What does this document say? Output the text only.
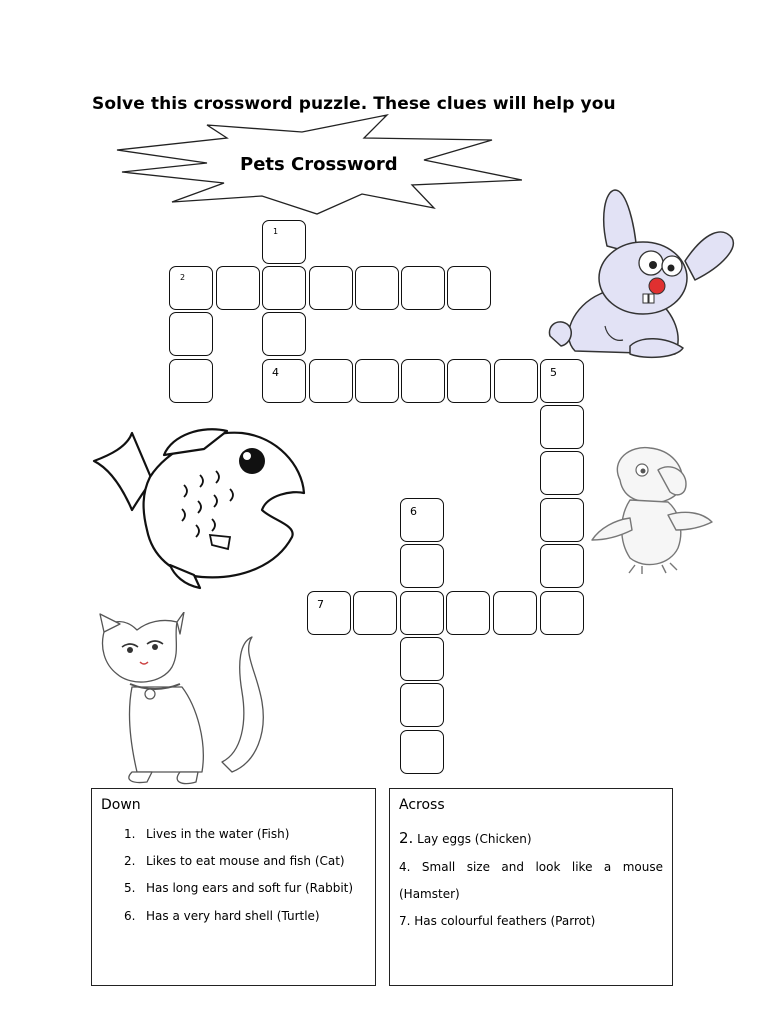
Solve this crossword puzzle. These clues will help you
Pets Crossword
1
2
4	5
6
7
Down
1. Lives in the water (Fish)
2. Likes to eat mouse and fish (Cat)
5. Has long ears and soft fur (Rabbit)
6. Has a very hard shell (Turtle)
Across
2. Lay eggs (Chicken)
4. Small size and look like a mouse
(Hamster)
7. Has colourful feathers (Parrot)
